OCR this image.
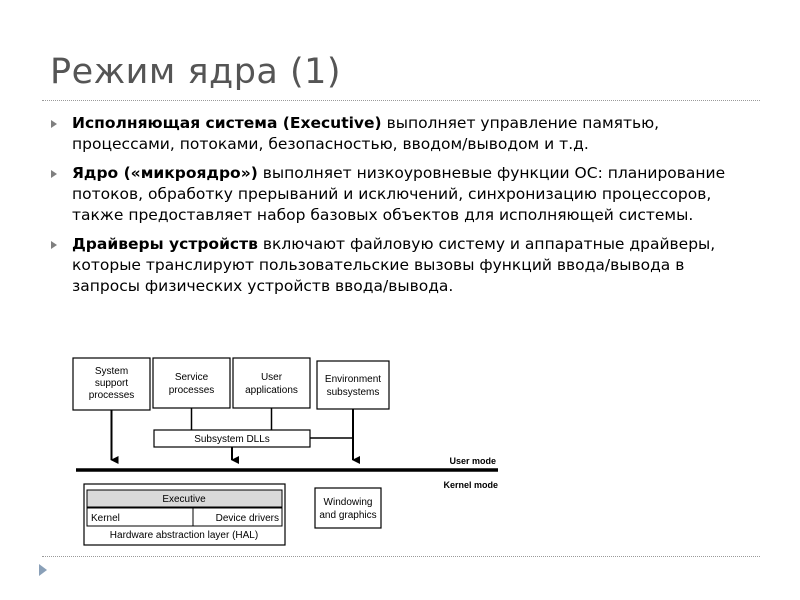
Режим ядра (1)
Исполняющая система (Executive) выполняет управление памятью, процессами, потоками, безопасностью, вводом/выводом и т.д.
Ядро («микроядро») выполняет низкоуровневые функции ОС: планирование потоков, обработку прерываний и исключений, синхронизацию процессоров, также предоставляет набор базовых объектов для исполняющей системы.
Драйверы устройств включают файловую систему и аппаратные драйверы, которые транслируют пользовательские вызовы функций ввода/вывода в запросы физических устройств ввода/вывода.
System
support
processes
Service
processes
User
applications
Environment
subsystems
Subsystem DLLs
User mode
Kernel mode
Executive
Kernel	Device drivers
Hardware abstraction layer (HAL)
Windowing
and graphics
